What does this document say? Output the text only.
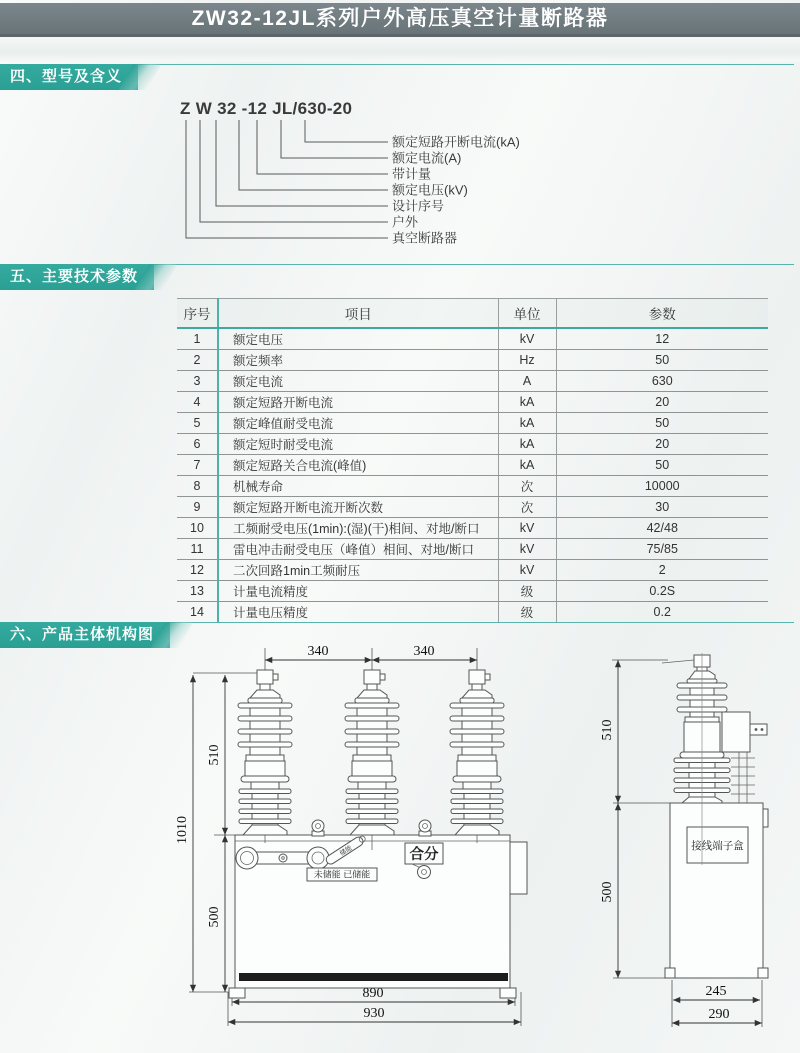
ZW32-12JL系列户外高压真空计量断路器
四、型号及含义
Z W 32 -12 JL/630-20
额定短路开断电流(kA)
额定电流(A)
带计量
额定电压(kV)
设计序号
户外
真空断路器
五、主要技术参数
序号	项目	单位	参数
1	额定电压	kV	12
2	额定频率	Hz	50
3	额定电流	A	630
4	额定短路开断电流	kA	20
5	额定峰值耐受电流	kA	50
6	额定短时耐受电流	kA	20
7	额定短路关合电流(峰值)	kA	50
8	机械寿命	次	10000
9	额定短路开断电流开断次数	次	30
10	工频耐受电压(1min):(湿)(干)相间、对地/断口	kV	42/48
11	雷电冲击耐受电压（峰值）相间、对地/断口	kV	75/85
12	二次回路1min工频耐压	kV	2
13	计量电流精度	级	0.2S
14	计量电压精度	级	0.2
六、产品主体机构图
340	340
1010
510
500
储能
未储能 已储能
合分
890
930
510
500
接线端子盒
245
290
